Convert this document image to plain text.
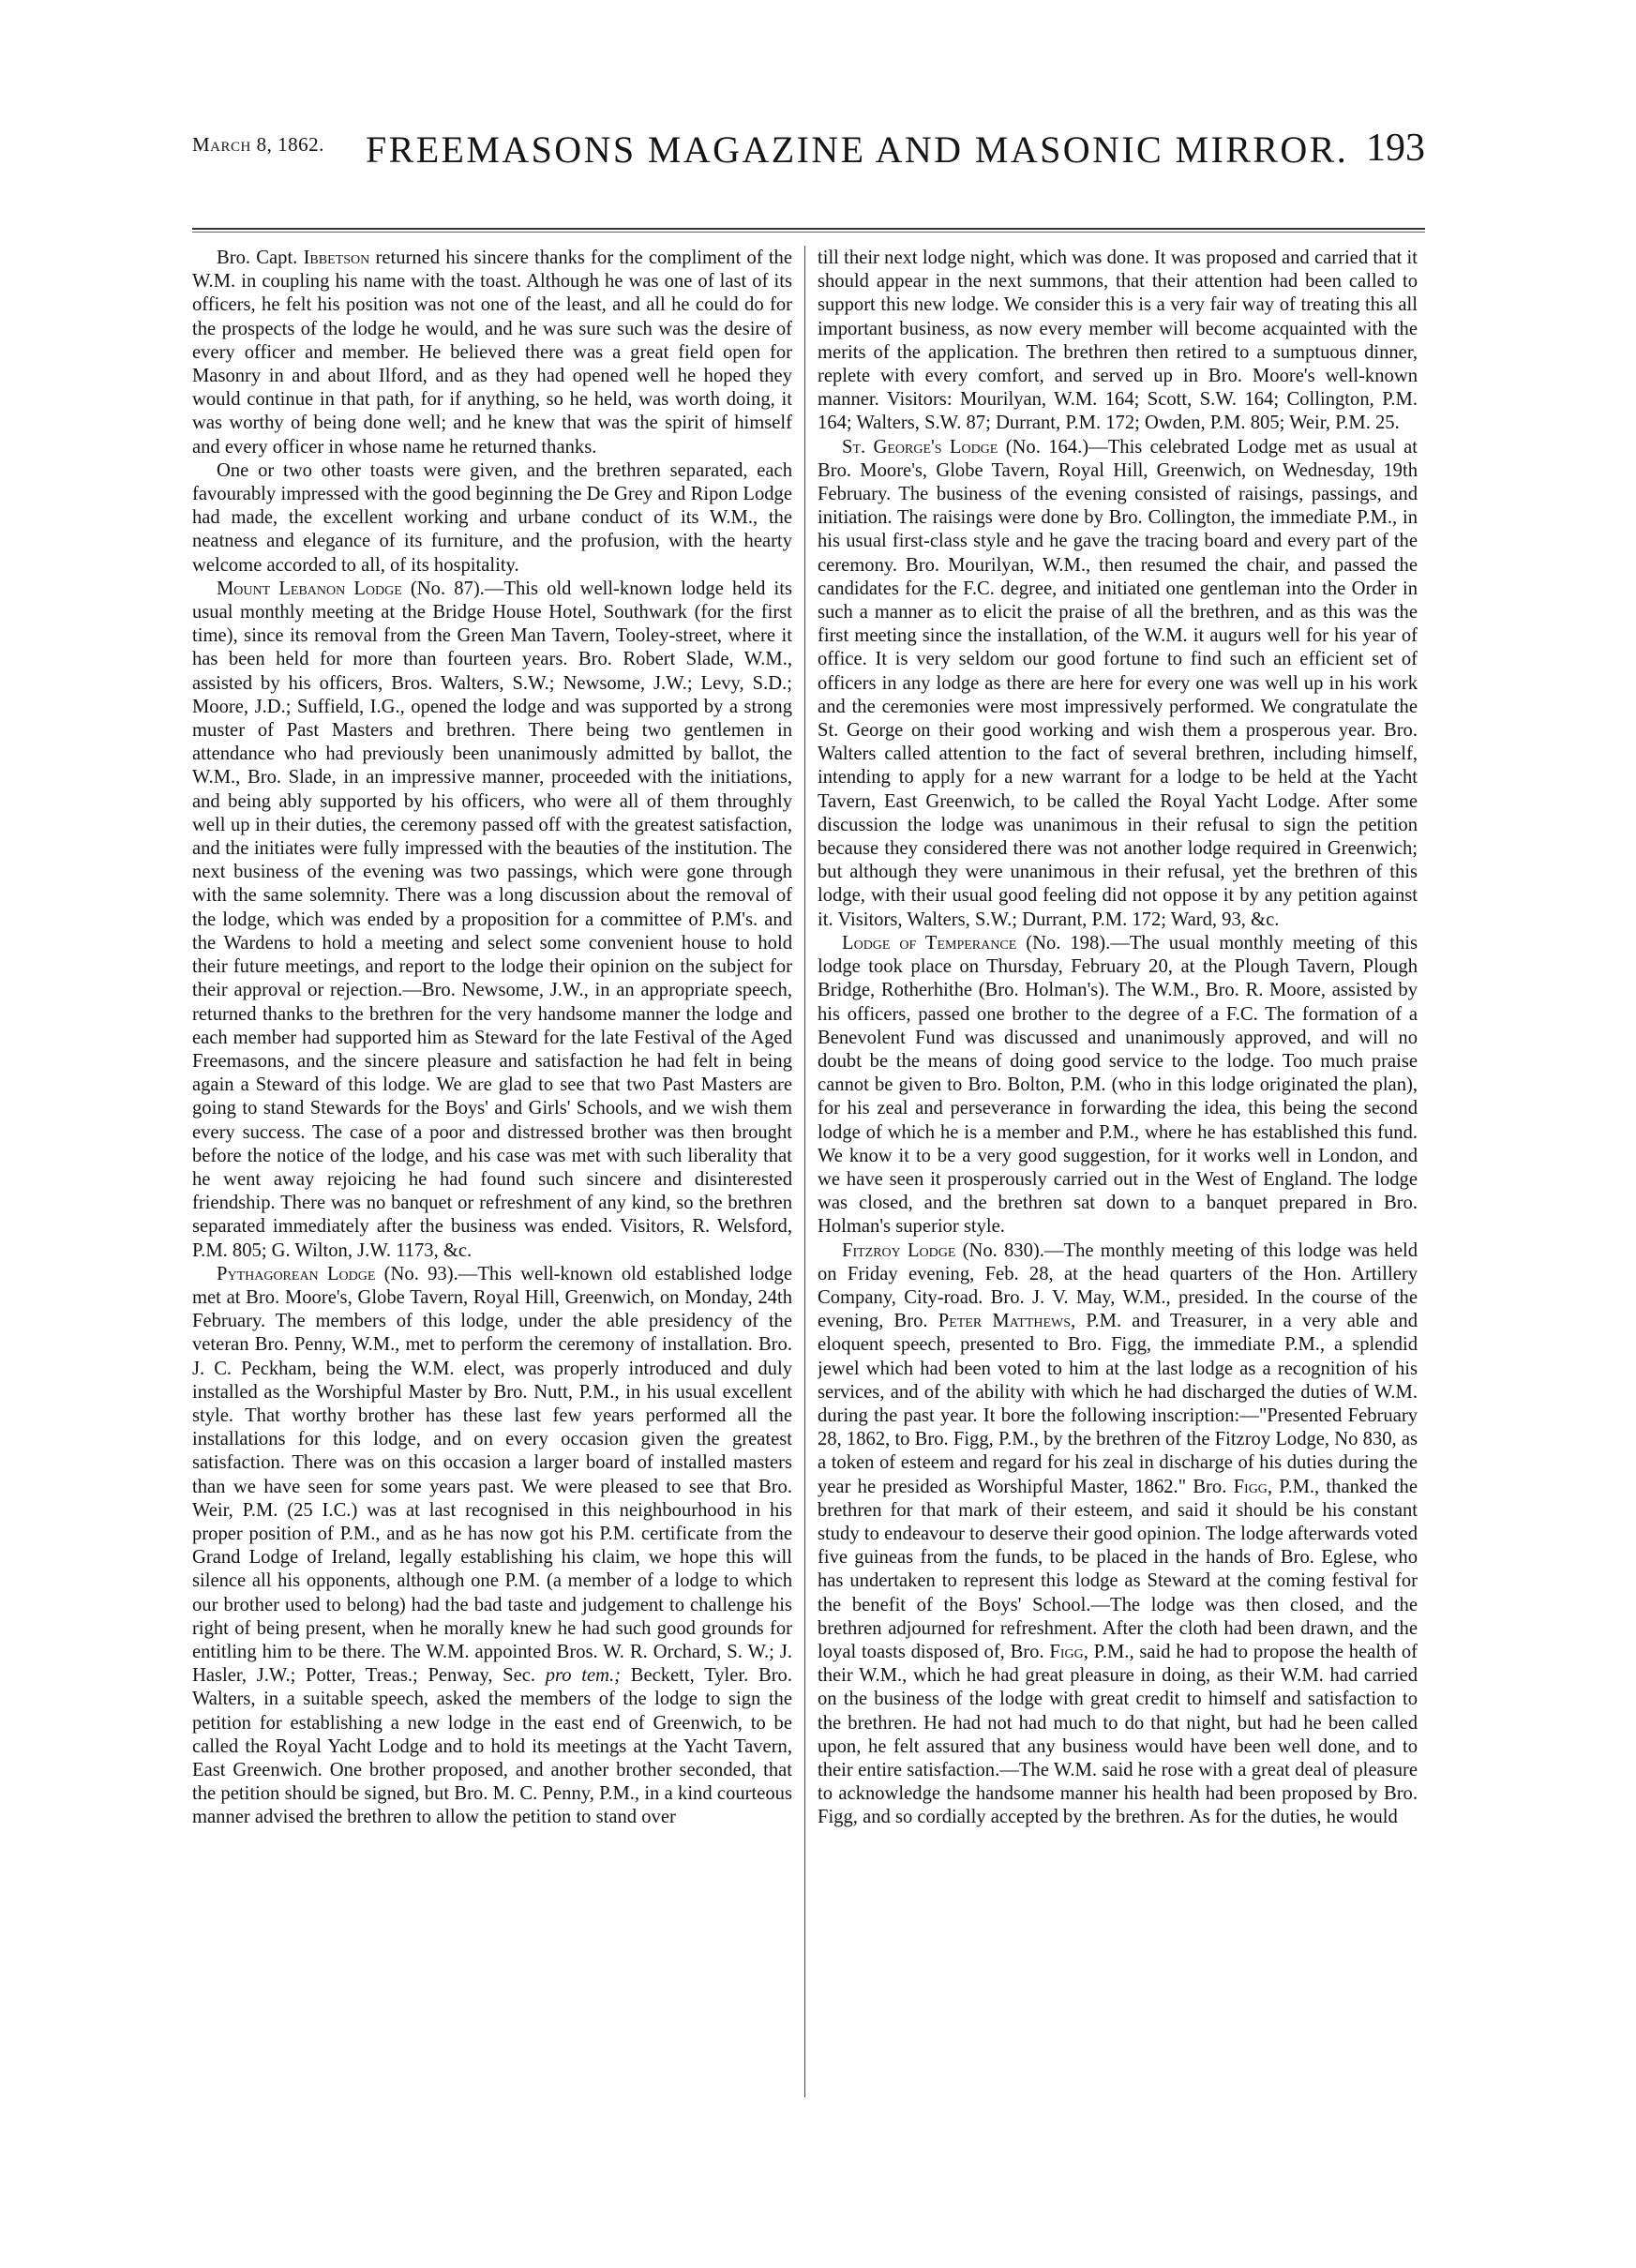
March 8, 1862. FREEMASONS MAGAZINE AND MASONIC MIRROR. 193

Bro. Capt. Ibbetson returned his sincere thanks for the compliment of the W.M. in coupling his name with the toast. Although he was one of last of its officers, he felt his position was not one of the least, and all he could do for the prospects of the lodge he would, and he was sure such was the desire of every officer and member. He believed there was a great field open for Masonry in and about Ilford, and as they had opened well he hoped they would continue in that path, for if anything, so he held, was worth doing, it was worthy of being done well; and he knew that was the spirit of himself and every officer in whose name he returned thanks.

One or two other toasts were given, and the brethren separated, each favourably impressed with the good beginning the De Grey and Ripon Lodge had made, the excellent working and urbane conduct of its W.M., the neatness and elegance of its furniture, and the profusion, with the hearty welcome accorded to all, of its hospitality.

Mount Lebanon Lodge (No. 87).—This old well-known lodge held its usual monthly meeting at the Bridge House Hotel, Southwark (for the first time), since its removal from the Green Man Tavern, Tooley-street, where it has been held for more than fourteen years. Bro. Robert Slade, W.M., assisted by his officers, Bros. Walters, S.W.; Newsome, J.W.; Levy, S.D.; Moore, J.D.; Suffield, I.G., opened the lodge and was supported by a strong muster of Past Masters and brethren. There being two gentlemen in attendance who had previously been unanimously admitted by ballot, the W.M., Bro. Slade, in an impressive manner, proceeded with the initiations, and being ably supported by his officers, who were all of them throughly well up in their duties, the ceremony passed off with the greatest satisfaction, and the initiates were fully impressed with the beauties of the institution. The next business of the evening was two passings, which were gone through with the same solemnity. There was a long discussion about the removal of the lodge, which was ended by a proposition for a committee of P.M's. and the Wardens to hold a meeting and select some convenient house to hold their future meetings, and report to the lodge their opinion on the subject for their approval or rejection.—Bro. Newsome, J.W., in an appropriate speech, returned thanks to the brethren for the very handsome manner the lodge and each member had supported him as Steward for the late Festival of the Aged Freemasons, and the sincere pleasure and satisfaction he had felt in being again a Steward of this lodge. We are glad to see that two Past Masters are going to stand Stewards for the Boys' and Girls' Schools, and we wish them every success. The case of a poor and distressed brother was then brought before the notice of the lodge, and his case was met with such liberality that he went away rejoicing he had found such sincere and disinterested friendship. There was no banquet or refreshment of any kind, so the brethren separated immediately after the business was ended. Visitors, R. Welsford, P.M. 805; G. Wilton, J.W. 1173, &c.

Pythagorean Lodge (No. 93).—This well-known old established lodge met at Bro. Moore's, Globe Tavern, Royal Hill, Greenwich, on Monday, 24th February. The members of this lodge, under the able presidency of the veteran Bro. Penny, W.M., met to perform the ceremony of installation. Bro. J. C. Peckham, being the W.M. elect, was properly introduced and duly installed as the Worshipful Master by Bro. Nutt, P.M., in his usual excellent style. That worthy brother has these last few years performed all the installations for this lodge, and on every occasion given the greatest satisfaction. There was on this occasion a larger board of installed masters than we have seen for some years past. We were pleased to see that Bro. Weir, P.M. (25 I.C.) was at last recognised in this neighbourhood in his proper position of P.M., and as he has now got his P.M. certificate from the Grand Lodge of Ireland, legally establishing his claim, we hope this will silence all his opponents, although one P.M. (a member of a lodge to which our brother used to belong) had the bad taste and judgement to challenge his right of being present, when he morally knew he had such good grounds for entitling him to be there. The W.M. appointed Bros. W. R. Orchard, S. W.; J. Hasler, J.W.; Potter, Treas.; Penway, Sec. pro tem.; Beckett, Tyler. Bro. Walters, in a suitable speech, asked the members of the lodge to sign the petition for establishing a new lodge in the east end of Greenwich, to be called the Royal Yacht Lodge and to hold its meetings at the Yacht Tavern, East Greenwich. One brother proposed, and another brother seconded, that the petition should be signed, but Bro. M. C. Penny, P.M., in a kind courteous manner advised the brethren to allow the petition to stand over

till their next lodge night, which was done. It was proposed and carried that it should appear in the next summons, that their attention had been called to support this new lodge. We consider this is a very fair way of treating this all important business, as now every member will become acquainted with the merits of the application. The brethren then retired to a sumptuous dinner, replete with every comfort, and served up in Bro. Moore's well-known manner. Visitors: Mourilyan, W.M. 164; Scott, S.W. 164; Collington, P.M. 164; Walters, S.W. 87; Durrant, P.M. 172; Owden, P.M. 805; Weir, P.M. 25.

St. George's Lodge (No. 164.)—This celebrated Lodge met as usual at Bro. Moore's, Globe Tavern, Royal Hill, Greenwich, on Wednesday, 19th February. The business of the evening consisted of raisings, passings, and initiation. The raisings were done by Bro. Collington, the immediate P.M., in his usual first-class style and he gave the tracing board and every part of the ceremony. Bro. Mourilyan, W.M., then resumed the chair, and passed the candidates for the F.C. degree, and initiated one gentleman into the Order in such a manner as to elicit the praise of all the brethren, and as this was the first meeting since the installation, of the W.M. it augurs well for his year of office. It is very seldom our good fortune to find such an efficient set of officers in any lodge as there are here for every one was well up in his work and the ceremonies were most impressively performed. We congratulate the St. George on their good working and wish them a prosperous year. Bro. Walters called attention to the fact of several brethren, including himself, intending to apply for a new warrant for a lodge to be held at the Yacht Tavern, East Greenwich, to be called the Royal Yacht Lodge. After some discussion the lodge was unanimous in their refusal to sign the petition because they considered there was not another lodge required in Greenwich; but although they were unanimous in their refusal, yet the brethren of this lodge, with their usual good feeling did not oppose it by any petition against it. Visitors, Walters, S.W.; Durrant, P.M. 172; Ward, 93, &c.

Lodge of Temperance (No. 198).—The usual monthly meeting of this lodge took place on Thursday, February 20, at the Plough Tavern, Plough Bridge, Rotherhithe (Bro. Holman's). The W.M., Bro. R. Moore, assisted by his officers, passed one brother to the degree of a F.C. The formation of a Benevolent Fund was discussed and unanimously approved, and will no doubt be the means of doing good service to the lodge. Too much praise cannot be given to Bro. Bolton, P.M. (who in this lodge originated the plan), for his zeal and perseverance in forwarding the idea, this being the second lodge of which he is a member and P.M., where he has established this fund. We know it to be a very good suggestion, for it works well in London, and we have seen it prosperously carried out in the West of England. The lodge was closed, and the brethren sat down to a banquet prepared in Bro. Holman's superior style.

Fitzroy Lodge (No. 830).—The monthly meeting of this lodge was held on Friday evening, Feb. 28, at the head quarters of the Hon. Artillery Company, City-road. Bro. J. V. May, W.M., presided. In the course of the evening, Bro. Peter Matthews, P.M. and Treasurer, in a very able and eloquent speech, presented to Bro. Figg, the immediate P.M., a splendid jewel which had been voted to him at the last lodge as a recognition of his services, and of the ability with which he had discharged the duties of W.M. during the past year. It bore the following inscription:—"Presented February 28, 1862, to Bro. Figg, P.M., by the brethren of the Fitzroy Lodge, No 830, as a token of esteem and regard for his zeal in discharge of his duties during the year he presided as Worshipful Master, 1862." Bro. Figg, P.M., thanked the brethren for that mark of their esteem, and said it should be his constant study to endeavour to deserve their good opinion. The lodge afterwards voted five guineas from the funds, to be placed in the hands of Bro. Eglese, who has undertaken to represent this lodge as Steward at the coming festival for the benefit of the Boys' School.—The lodge was then closed, and the brethren adjourned for refreshment. After the cloth had been drawn, and the loyal toasts disposed of, Bro. Figg, P.M., said he had to propose the health of their W.M., which he had great pleasure in doing, as their W.M. had carried on the business of the lodge with great credit to himself and satisfaction to the brethren. He had not had much to do that night, but had he been called upon, he felt assured that any business would have been well done, and to their entire satisfaction.—The W.M. said he rose with a great deal of pleasure to acknowledge the handsome manner his health had been proposed by Bro. Figg, and so cordially accepted by the brethren. As for the duties, he would
